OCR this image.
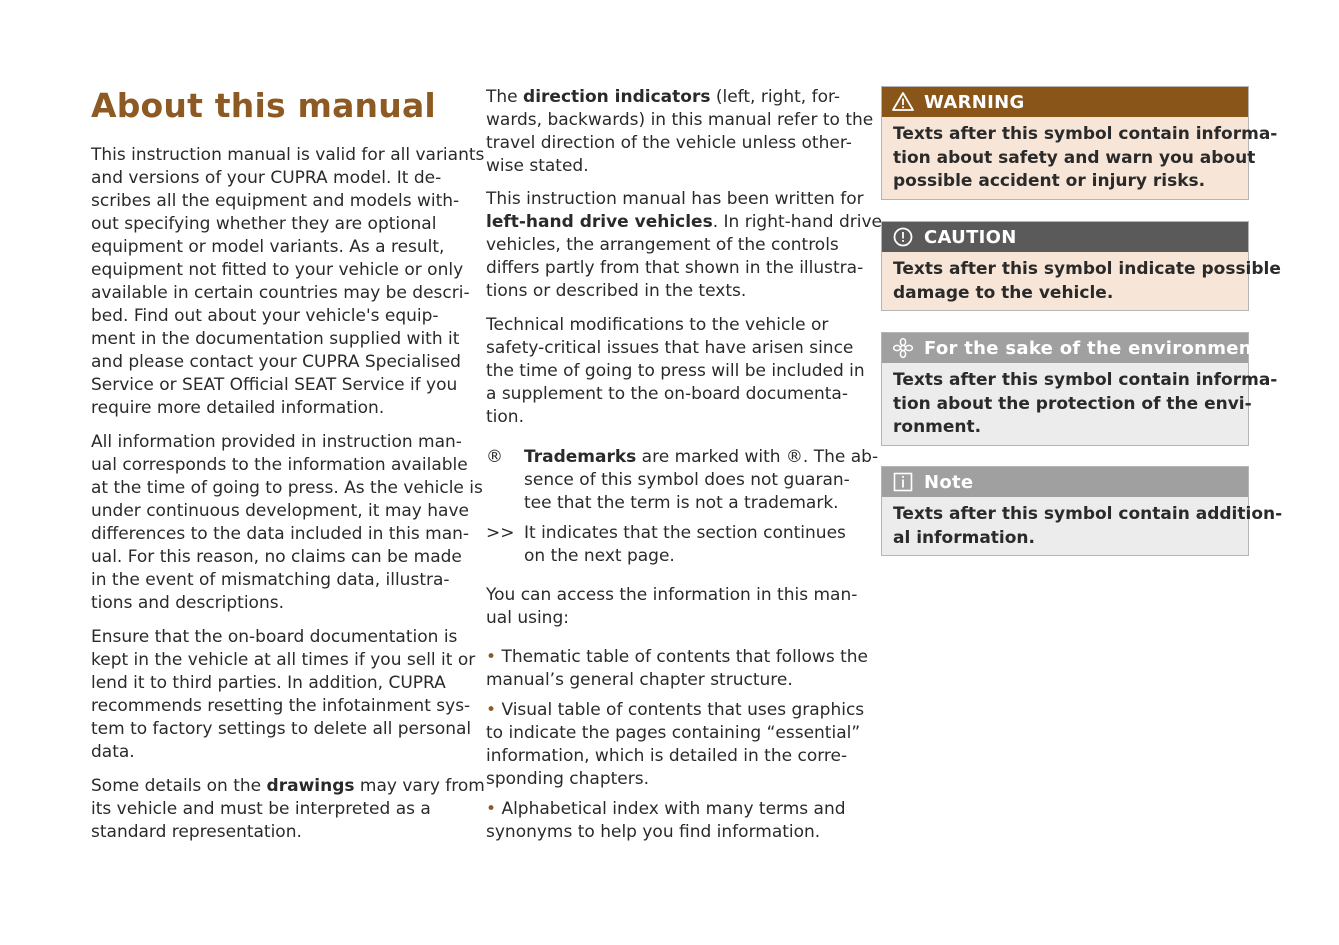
About this manual

This instruction manual is valid for all variants
and versions of your CUPRA model. It de-
scribes all the equipment and models with-
out specifying whether they are optional
equipment or model variants. As a result,
equipment not fitted to your vehicle or only
available in certain countries may be descri-
bed. Find out about your vehicle's equip-
ment in the documentation supplied with it
and please contact your CUPRA Specialised
Service or SEAT Official SEAT Service if you
require more detailed information.

All information provided in instruction man-
ual corresponds to the information available
at the time of going to press. As the vehicle is
under continuous development, it may have
differences to the data included in this man-
ual. For this reason, no claims can be made
in the event of mismatching data, illustra-
tions and descriptions.

Ensure that the on-board documentation is
kept in the vehicle at all times if you sell it or
lend it to third parties. In addition, CUPRA
recommends resetting the infotainment sys-
tem to factory settings to delete all personal
data.

Some details on the drawings may vary from
its vehicle and must be interpreted as a
standard representation.

The direction indicators (left, right, for-
wards, backwards) in this manual refer to the
travel direction of the vehicle unless other-
wise stated.

This instruction manual has been written for
left-hand drive vehicles. In right-hand drive
vehicles, the arrangement of the controls
differs partly from that shown in the illustra-
tions or described in the texts.

Technical modifications to the vehicle or
safety-critical issues that have arisen since
the time of going to press will be included in
a supplement to the on-board documenta-
tion.

® Trademarks are marked with ®. The ab-
sence of this symbol does not guaran-
tee that the term is not a trademark.

>> It indicates that the section continues
on the next page.

You can access the information in this man-
ual using:

• Thematic table of contents that follows the
manual’s general chapter structure.

• Visual table of contents that uses graphics
to indicate the pages containing “essential”
information, which is detailed in the corre-
sponding chapters.

• Alphabetical index with many terms and
synonyms to help you find information.

WARNING
Texts after this symbol contain informa-
tion about safety and warn you about
possible accident or injury risks.
CAUTION
Texts after this symbol indicate possible
damage to the vehicle.
For the sake of the environment
Texts after this symbol contain informa-
tion about the protection of the envi-
ronment.
Note
Texts after this symbol contain addition-
al information.
